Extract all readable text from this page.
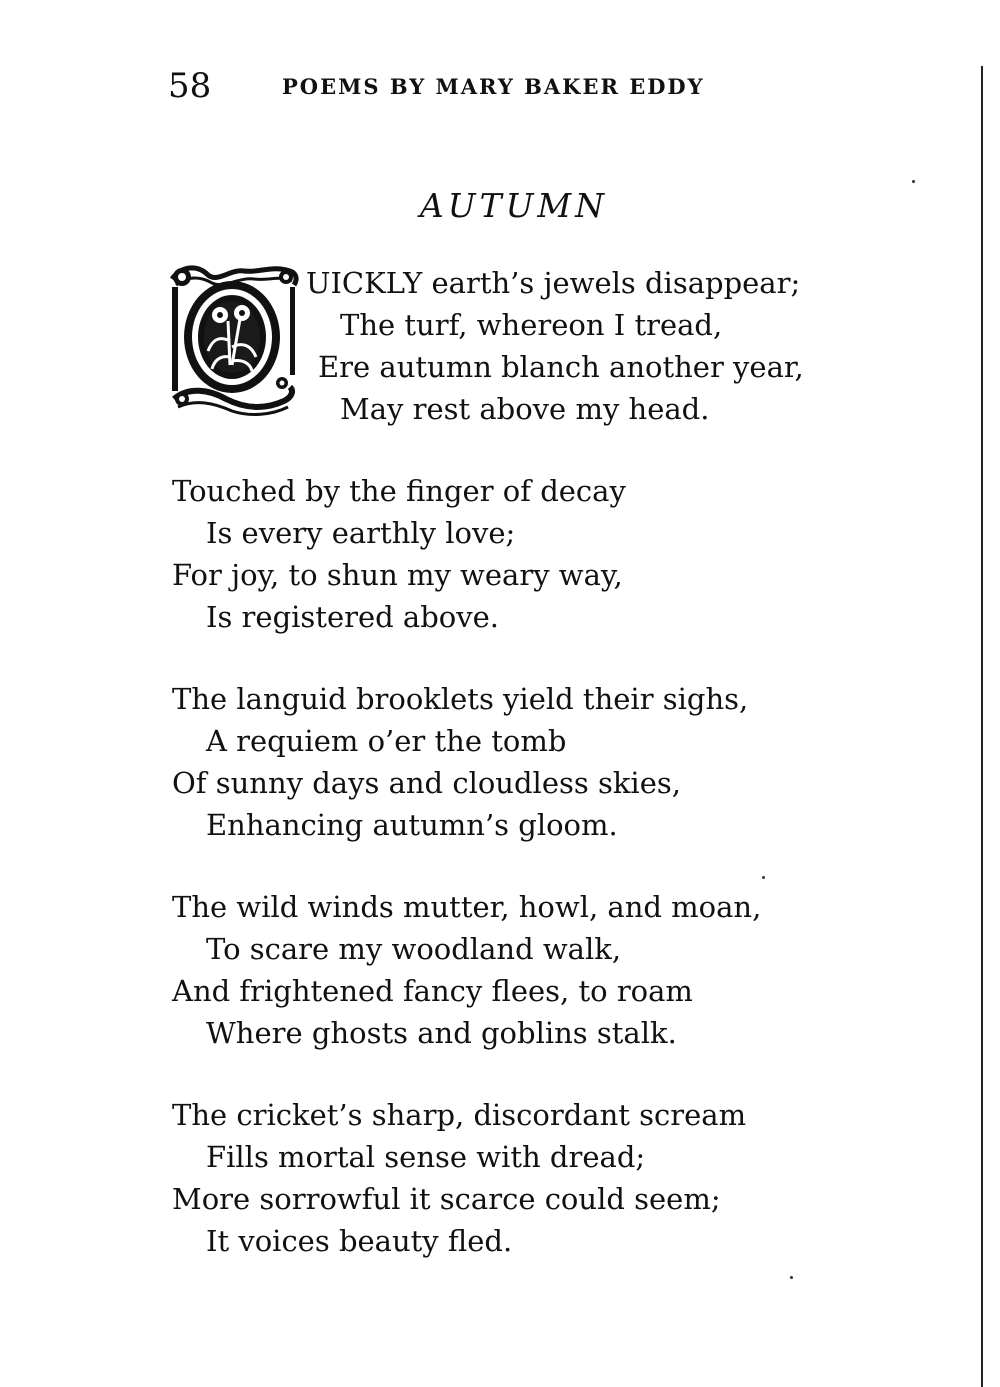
58	POEMS BY MARY BAKER EDDY
AUTUMN
UICKLY earth’s jewels disappear;
The turf, whereon I tread,
Ere autumn blanch another year,
May rest above my head.
Touched by the finger of decay
Is every earthly love;
For joy, to shun my weary way,
Is registered above.
The languid brooklets yield their sighs,
A requiem o’er the tomb
Of sunny days and cloudless skies,
Enhancing autumn’s gloom.
The wild winds mutter, howl, and moan,
To scare my woodland walk,
And frightened fancy flees, to roam
Where ghosts and goblins stalk.
The cricket’s sharp, discordant scream
Fills mortal sense with dread;
More sorrowful it scarce could seem;
It voices beauty fled.
